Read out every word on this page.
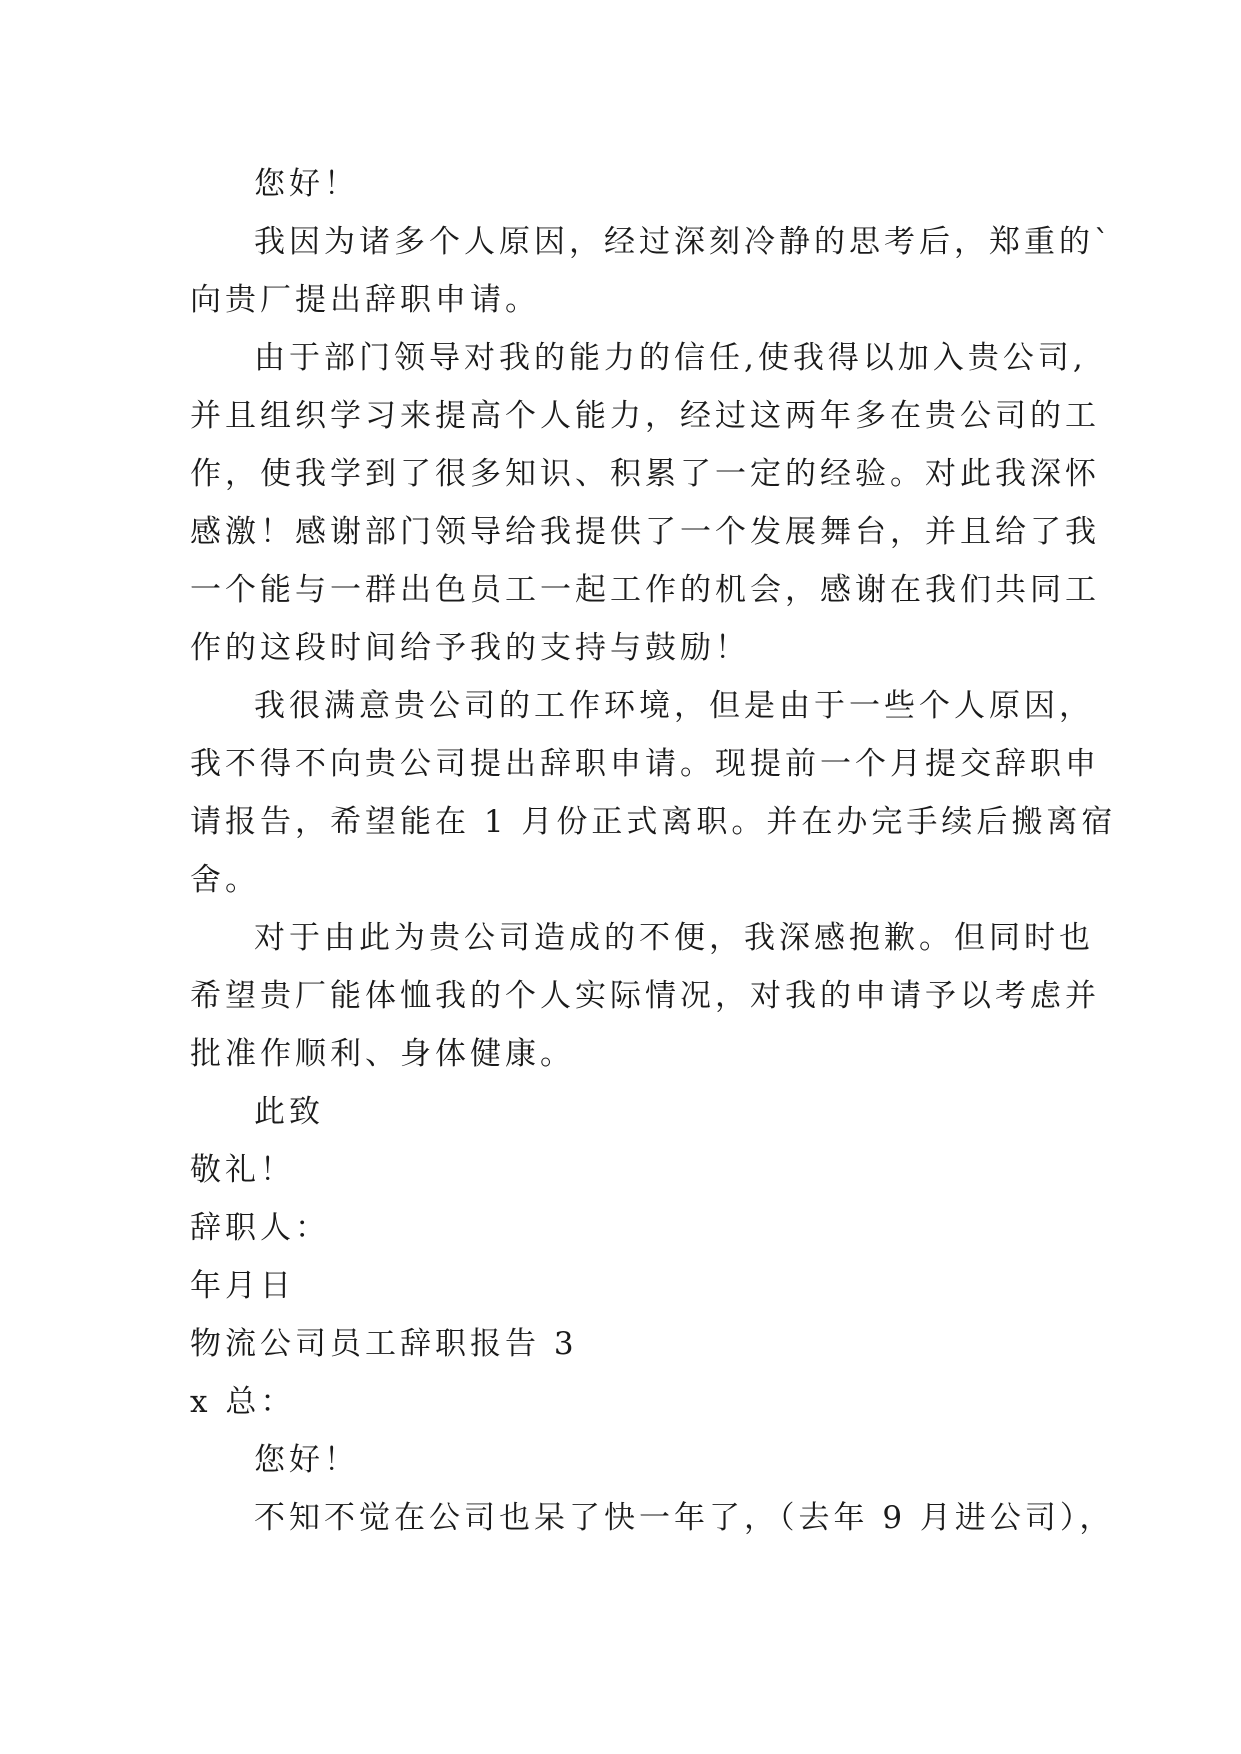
您好！
我因为诸多个人原因，经过深刻冷静的思考后，郑重的`
向贵厂提出辞职申请。
由于部门领导对我的能力的信任,使我得以加入贵公司,
并且组织学习来提高个人能力，经过这两年多在贵公司的工
作，使我学到了很多知识、积累了一定的经验。对此我深怀
感激！感谢部门领导给我提供了一个发展舞台，并且给了我
一个能与一群出色员工一起工作的机会，感谢在我们共同工
作的这段时间给予我的支持与鼓励！
我很满意贵公司的工作环境，但是由于一些个人原因，
我不得不向贵公司提出辞职申请。现提前一个月提交辞职申
请报告，希望能在 1 月份正式离职。并在办完手续后搬离宿
舍。
对于由此为贵公司造成的不便，我深感抱歉。但同时也
希望贵厂能体恤我的个人实际情况，对我的申请予以考虑并
批准作顺利、身体健康。
此致
敬礼！
辞职人：
年月日
物流公司员工辞职报告 3
x 总：
您好！
不知不觉在公司也呆了快一年了，（去年 9 月进公司），
